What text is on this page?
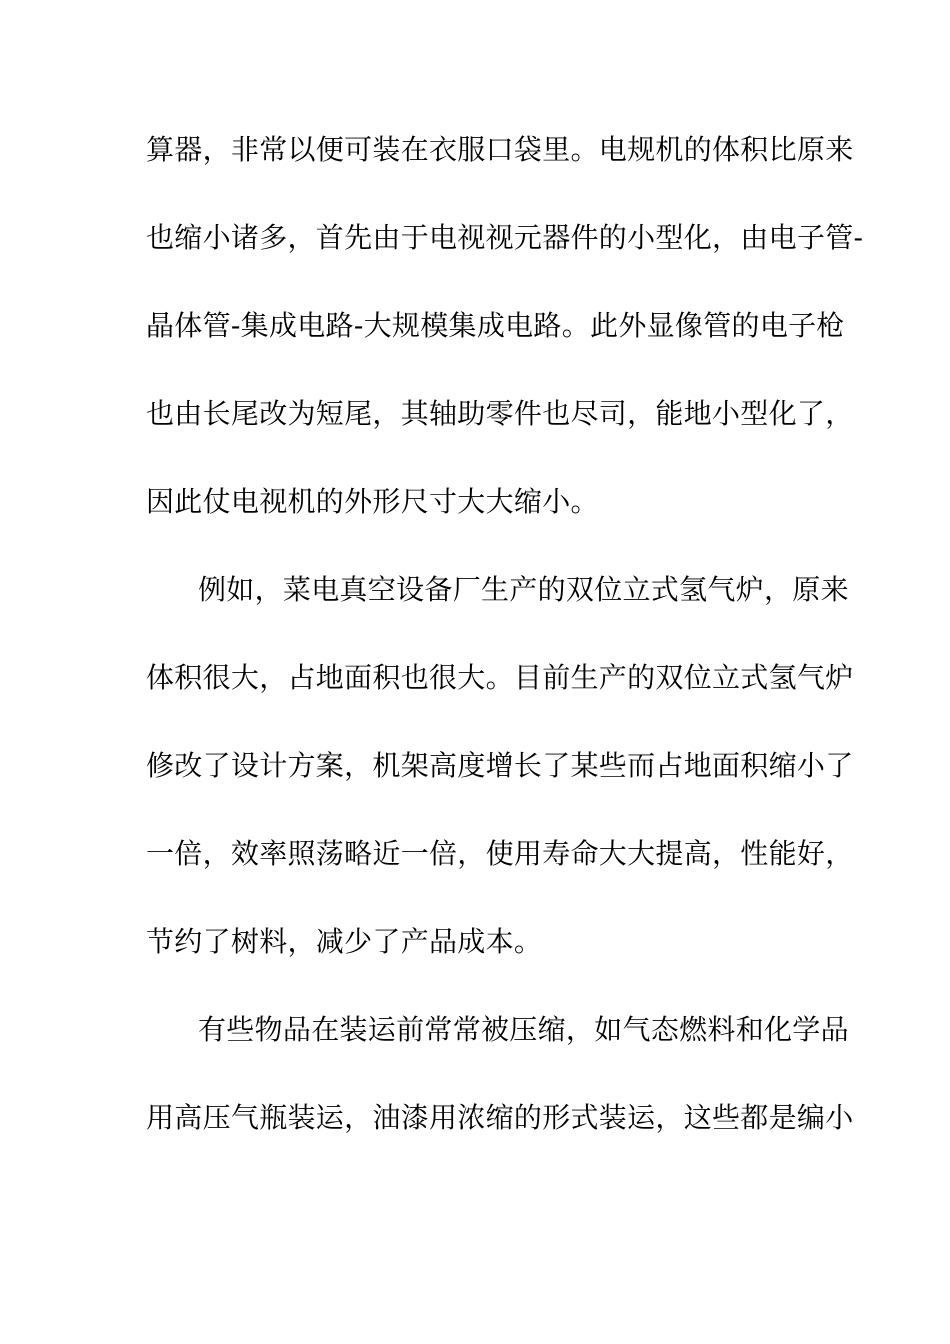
算器，非常以便可装在衣服口袋里。电规机的体积比原来
也缩小诸多，首先由于电视视元器件的小型化，由电子管-
晶体管-集成电路-大规模集成电路。此外显像管的电子枪
也由长尾改为短尾，其轴助零件也尽司，能地小型化了，
因此仗电视机的外形尺寸大大缩小。
例如，菜电真空设备厂生产的双位立式氢气炉，原来
体积很大，占地面积也很大。目前生产的双位立式氢气炉
修改了设计方案，机架高度增长了某些而占地面积缩小了
一倍，效率照荡略近一倍，使用寿命大大提高，性能好，
节约了树料，减少了产品成本。
有些物品在装运前常常被压缩，如气态燃料和化学品
用高压气瓶装运，油漆用浓缩的形式装运，这些都是编小
